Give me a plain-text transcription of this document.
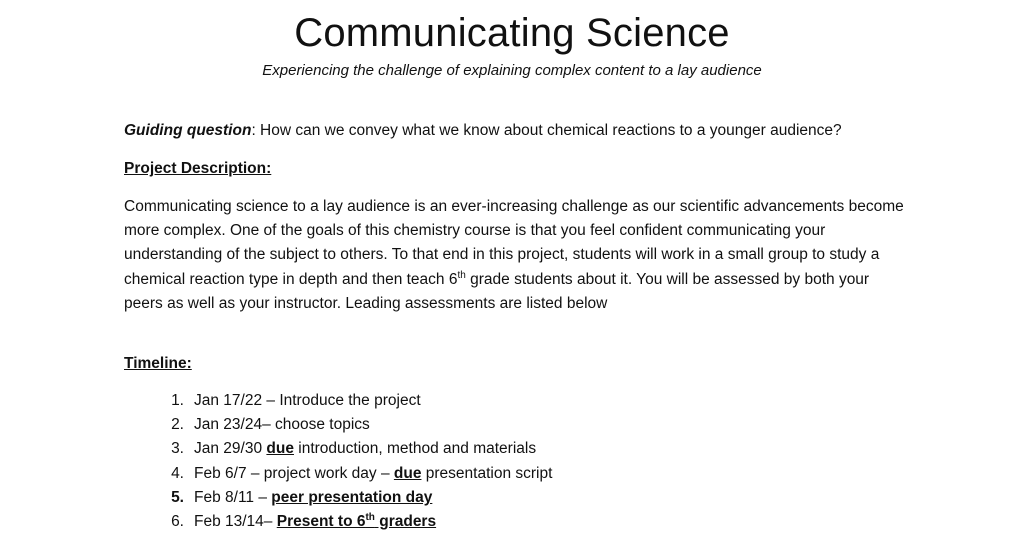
Communicating Science
Experiencing the challenge of explaining complex content to a lay audience
Guiding question: How can we convey what we know about chemical reactions to a younger audience?
Project Description:

Communicating science to a lay audience is an ever-increasing challenge as our scientific advancements become more complex. One of the goals of this chemistry course is that you feel confident communicating your understanding of the subject to others. To that end in this project, students will work in a small group to study a chemical reaction type in depth and then teach 6th grade students about it. You will be assessed by both your peers as well as your instructor. Leading assessments are listed below

Timeline:
1. Jan 17/22 – Introduce the project
2. Jan 23/24– choose topics
3. Jan 29/30 due introduction, method and materials
4. Feb 6/7 – project work day – due presentation script
5. Feb 8/11 – peer presentation day
6. Feb 13/14– Present to 6th graders
